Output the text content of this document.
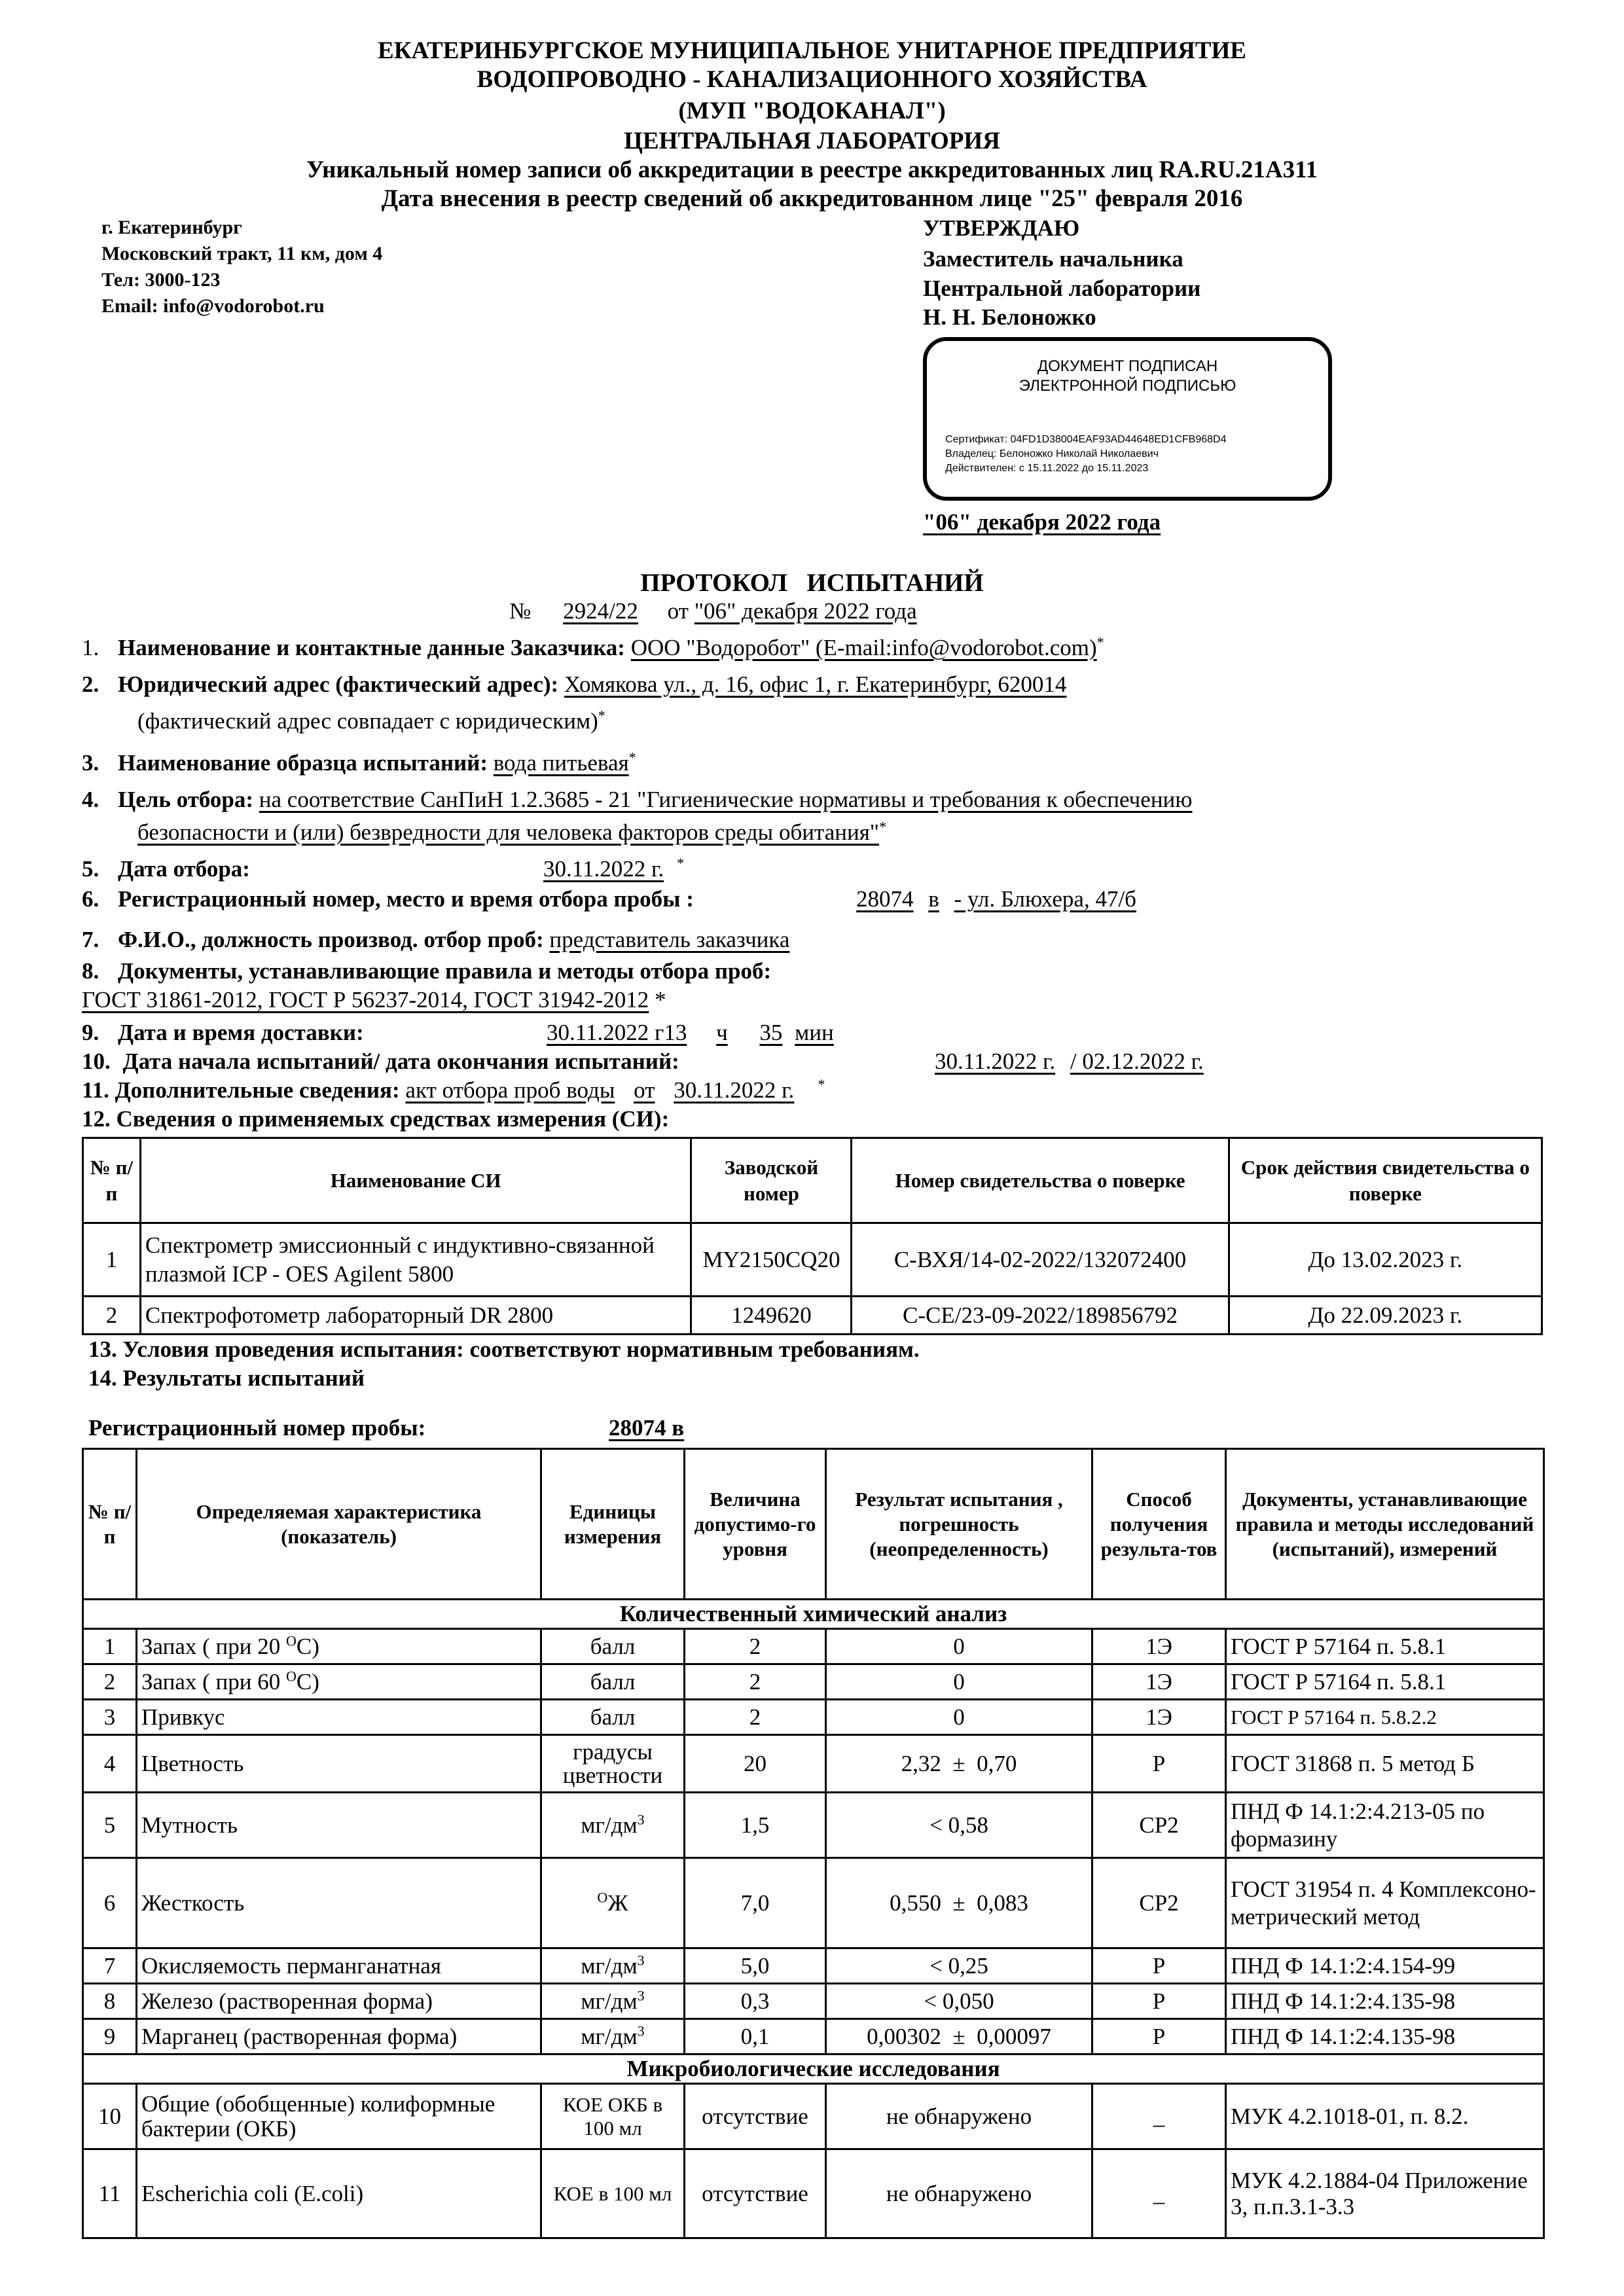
ЕКАТЕРИНБУРГСКОЕ МУНИЦИПАЛЬНОЕ УНИТАРНОЕ ПРЕДПРИЯТИЕ
ВОДОПРОВОДНО - КАНАЛИЗАЦИОННОГО ХОЗЯЙСТВА
(МУП "ВОДОКАНАЛ")
ЦЕНТРАЛЬНАЯ ЛАБОРАТОРИЯ
Уникальный номер записи об аккредитации в реестре аккредитованных лиц RA.RU.21А311
Дата внесения в реестр сведений об аккредитованном лице "25" февраля 2016
г. Екатеринбург
Московский тракт, 11 км, дом 4
Тел: 3000-123
Email: info@vodorobot.ru
УТВЕРЖДАЮ
Заместитель начальника
Центральной лаборатории
Н. Н. Белоножко
ДОКУМЕНТ ПОДПИСАН
ЭЛЕКТРОННОЙ ПОДПИСЬЮ
Сертификат: 04FD1D38004EAF93AD44648ED1CFB968D4
Владелец: Белоножко Николай Николаевич
Действителен: с 15.11.2022 до 15.11.2023
"06" декабря 2022 года
ПРОТОКОЛ   ИСПЫТАНИЙ
№ 2924/22 от "06" декабря 2022 года
1. Наименование и контактные данные Заказчика: ООО "Водоробот" (E-mail:info@vodorobot.com)*
2. Юридический адрес (фактический адрес): Хомякова ул., д. 16, офис 1, г. Екатеринбург, 620014
(фактический адрес совпадает с юридическим)*
3. Наименование образца испытаний: вода питьевая*
4. Цель отбора: на соответствие СанПиН 1.2.3685 - 21 "Гигиенические нормативы и требования к обеспечению
безопасности и (или) безвредности для человека факторов среды обитания"*
5. Дата отбора:	30.11.2022 г. *
6. Регистрационный номер, место и время отбора пробы :	28074 в - ул. Блюхера, 47/б
7. Ф.И.О., должность производ. отбор проб: представитель заказчика
8. Документы, устанавливающие правила и методы отбора проб:
ГОСТ 31861-2012, ГОСТ Р 56237-2014, ГОСТ 31942-2012 *
9. Дата и время доставки:	30.11.2022 г13 ч 35 мин
10. Дата начала испытаний/ дата окончания испытаний:	30.11.2022 г. / 02.12.2022 г.
11. Дополнительные сведения: акт отбора проб воды от 30.11.2022 г. *
12. Сведения о применяемых средствах измерения (СИ):
№ п/п	Наименование СИ	Заводской номер	Номер свидетельства о поверке	Срок действия свидетельства о поверке
1	Спектрометр эмиссионный с индуктивно-связанной плазмой ICP - OES Agilent 5800	MY2150CQ20	С-ВХЯ/14-02-2022/132072400	До 13.02.2023 г.
2	Спектрофотометр лабораторный DR 2800	1249620	С-СЕ/23-09-2022/189856792	До 22.09.2023 г.
13. Условия проведения испытания: соответствуют нормативным требованиям.
14. Результаты испытаний
Регистрационный номер пробы:	28074 в
№ п/п	Определяемая характеристика (показатель)	Единицы измерения	Величина допустимо-го уровня	Результат испытания , погрешность (неопределенность)	Способ получения результа-тов	Документы, устанавливающие правила и методы исследований (испытаний), измерений
Количественный химический анализ						
1	Запах ( при 20 $^О$С)	балл	2	0	1Э	ГОСТ Р 57164 п. 5.8.1
2	Запах ( при 60 $^О$С)	балл	2	0	1Э	ГОСТ Р 57164 п. 5.8.1
3	Привкус	балл	2	0	1Э	ГОСТ Р 57164 п. 5.8.2.2
4	Цветность	градусы цветности	20	2,32 ± 0,70	Р	ГОСТ 31868 п. 5 метод Б
5	Мутность	$мг/дм^3$	1,5	< 0,58	СР2	ПНД Ф 14.1:2:4.213-05 по формазину
6	Жесткость	$^О$Ж	7,0	0,550 ± 0,083	СР2	ГОСТ 31954 п. 4 Комплексоно-метрический метод
7	Окисляемость перманганатная	$мг/дм^3$	5,0	< 0,25	Р	ПНД Ф 14.1:2:4.154-99
8	Железо (растворенная форма)	$мг/дм^3$	0,3	< 0,050	Р	ПНД Ф 14.1:2:4.135-98
9	Марганец (растворенная форма)	$мг/дм^3$	0,1	0,00302 ± 0,00097	Р	ПНД Ф 14.1:2:4.135-98
Микробиологические исследования						
10	Общие (обобщенные) колиформные бактерии (ОКБ)	КОЕ ОКБ в 100 мл	отсутствие	не обнаружено	_	МУК 4.2.1018-01, п. 8.2.
11	Escherichia coli (E.coli)	КОЕ в 100 мл	отсутствие	не обнаружено	_	МУК 4.2.1884-04 Приложение 3, п.п.3.1-3.3
